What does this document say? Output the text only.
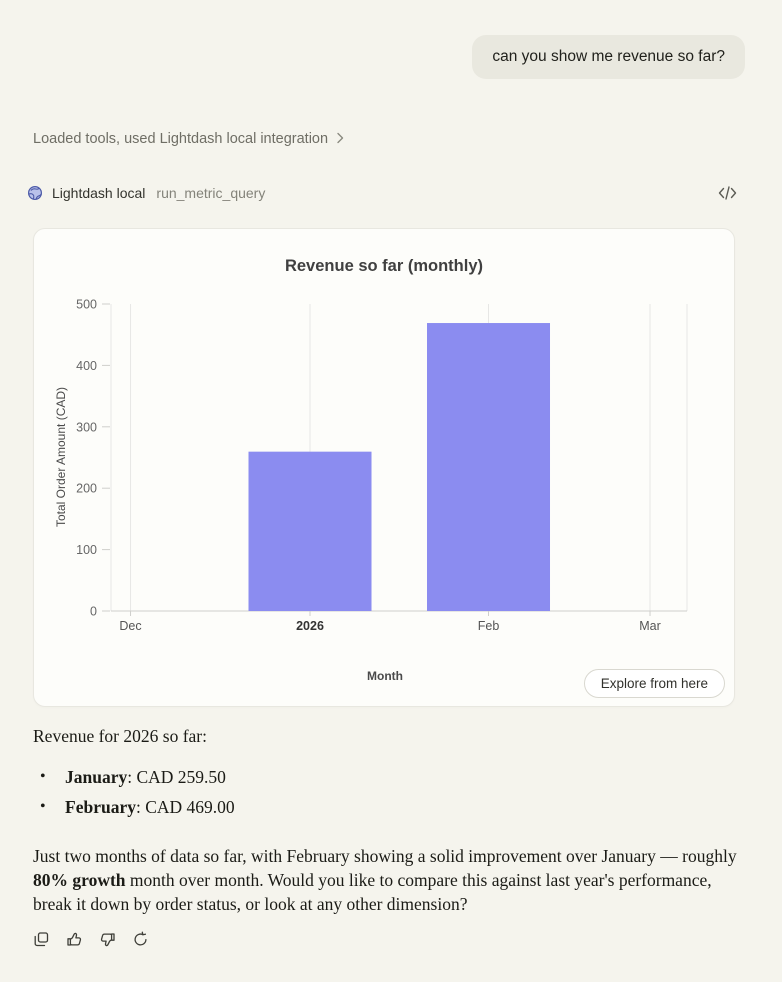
can you show me revenue so far?
Loaded tools, used Lightdash local integration
Lightdash local run_metric_query
Revenue so far (monthly)
0
100
200
300
400
500
Dec	2026	Feb	Mar
Total Order Amount (CAD)
Month	Explore from here
Revenue for 2026 so far:
• January: CAD 259.50
• February: CAD 469.00
Just two months of data so far, with February showing a solid improvement over January — roughly 80% growth month over month. Would you like to compare this against last year's performance, break it down by order status, or look at any other dimension?
